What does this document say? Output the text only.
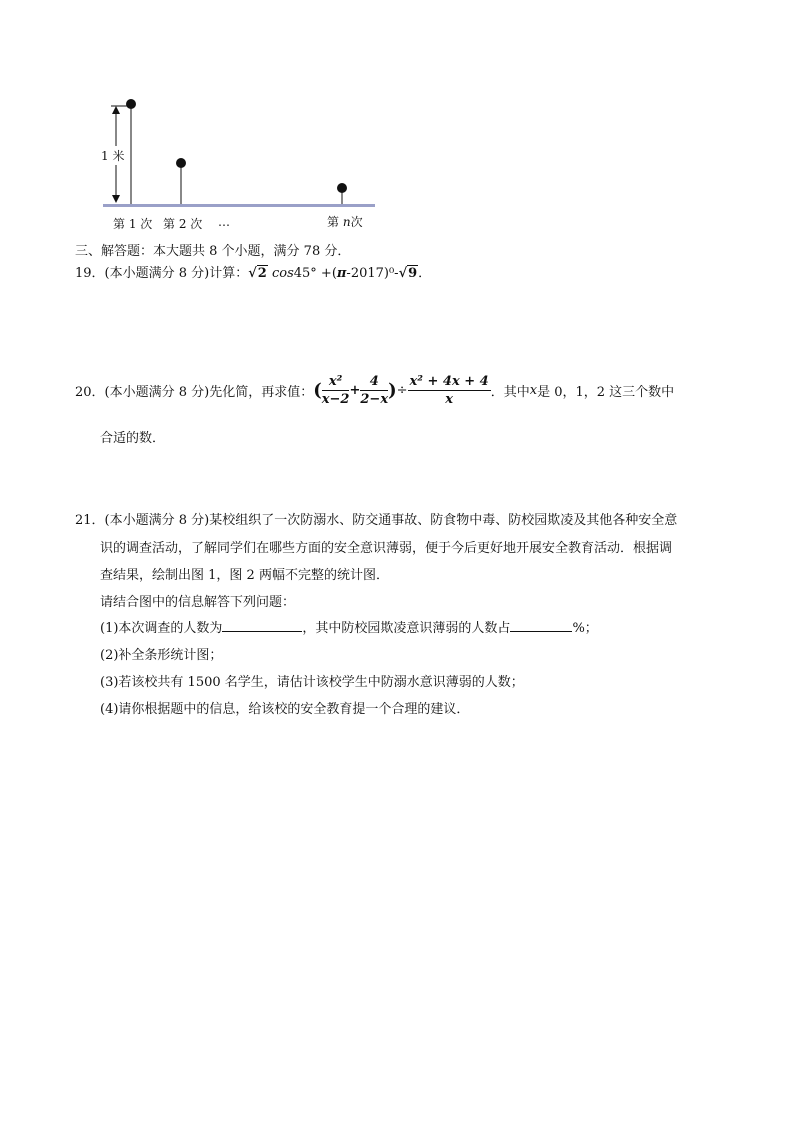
1 米
第 1 次 第 2 次 …	第 n次
三、解答题：本大题共 8 个小题，满分 78 分．
19．(本小题满分 8 分)计算：√2 cos45° +(π-2017)⁰-√9．
20．(本小题满分 8 分)先化简，再求值： ( $\frac{\text{x²}}{x-2} + \frac{4}{2-x}$ ) ÷ $\frac{\text{x² + 4x + 4}}{x}$ ．其中 x 是 0，1，2 这三个数中
合适的数．
21．(本小题满分 8 分)某校组织了一次防溺水、防交通事故、防食物中毒、防校园欺凌及其他各种安全意
识的调查活动，了解同学们在哪些方面的安全意识薄弱，便于今后更好地开展安全教育活动．根据调
查结果，绘制出图 1，图 2 两幅不完整的统计图．
请结合图中的信息解答下列问题：
(1)本次调查的人数为	，其中防校园欺凌意识薄弱的人数占	%；
(2)补全条形统计图；
(3)若该校共有 1500 名学生，请估计该校学生中防溺水意识薄弱的人数；
(4)请你根据题中的信息，给该校的安全教育提一个合理的建议．
